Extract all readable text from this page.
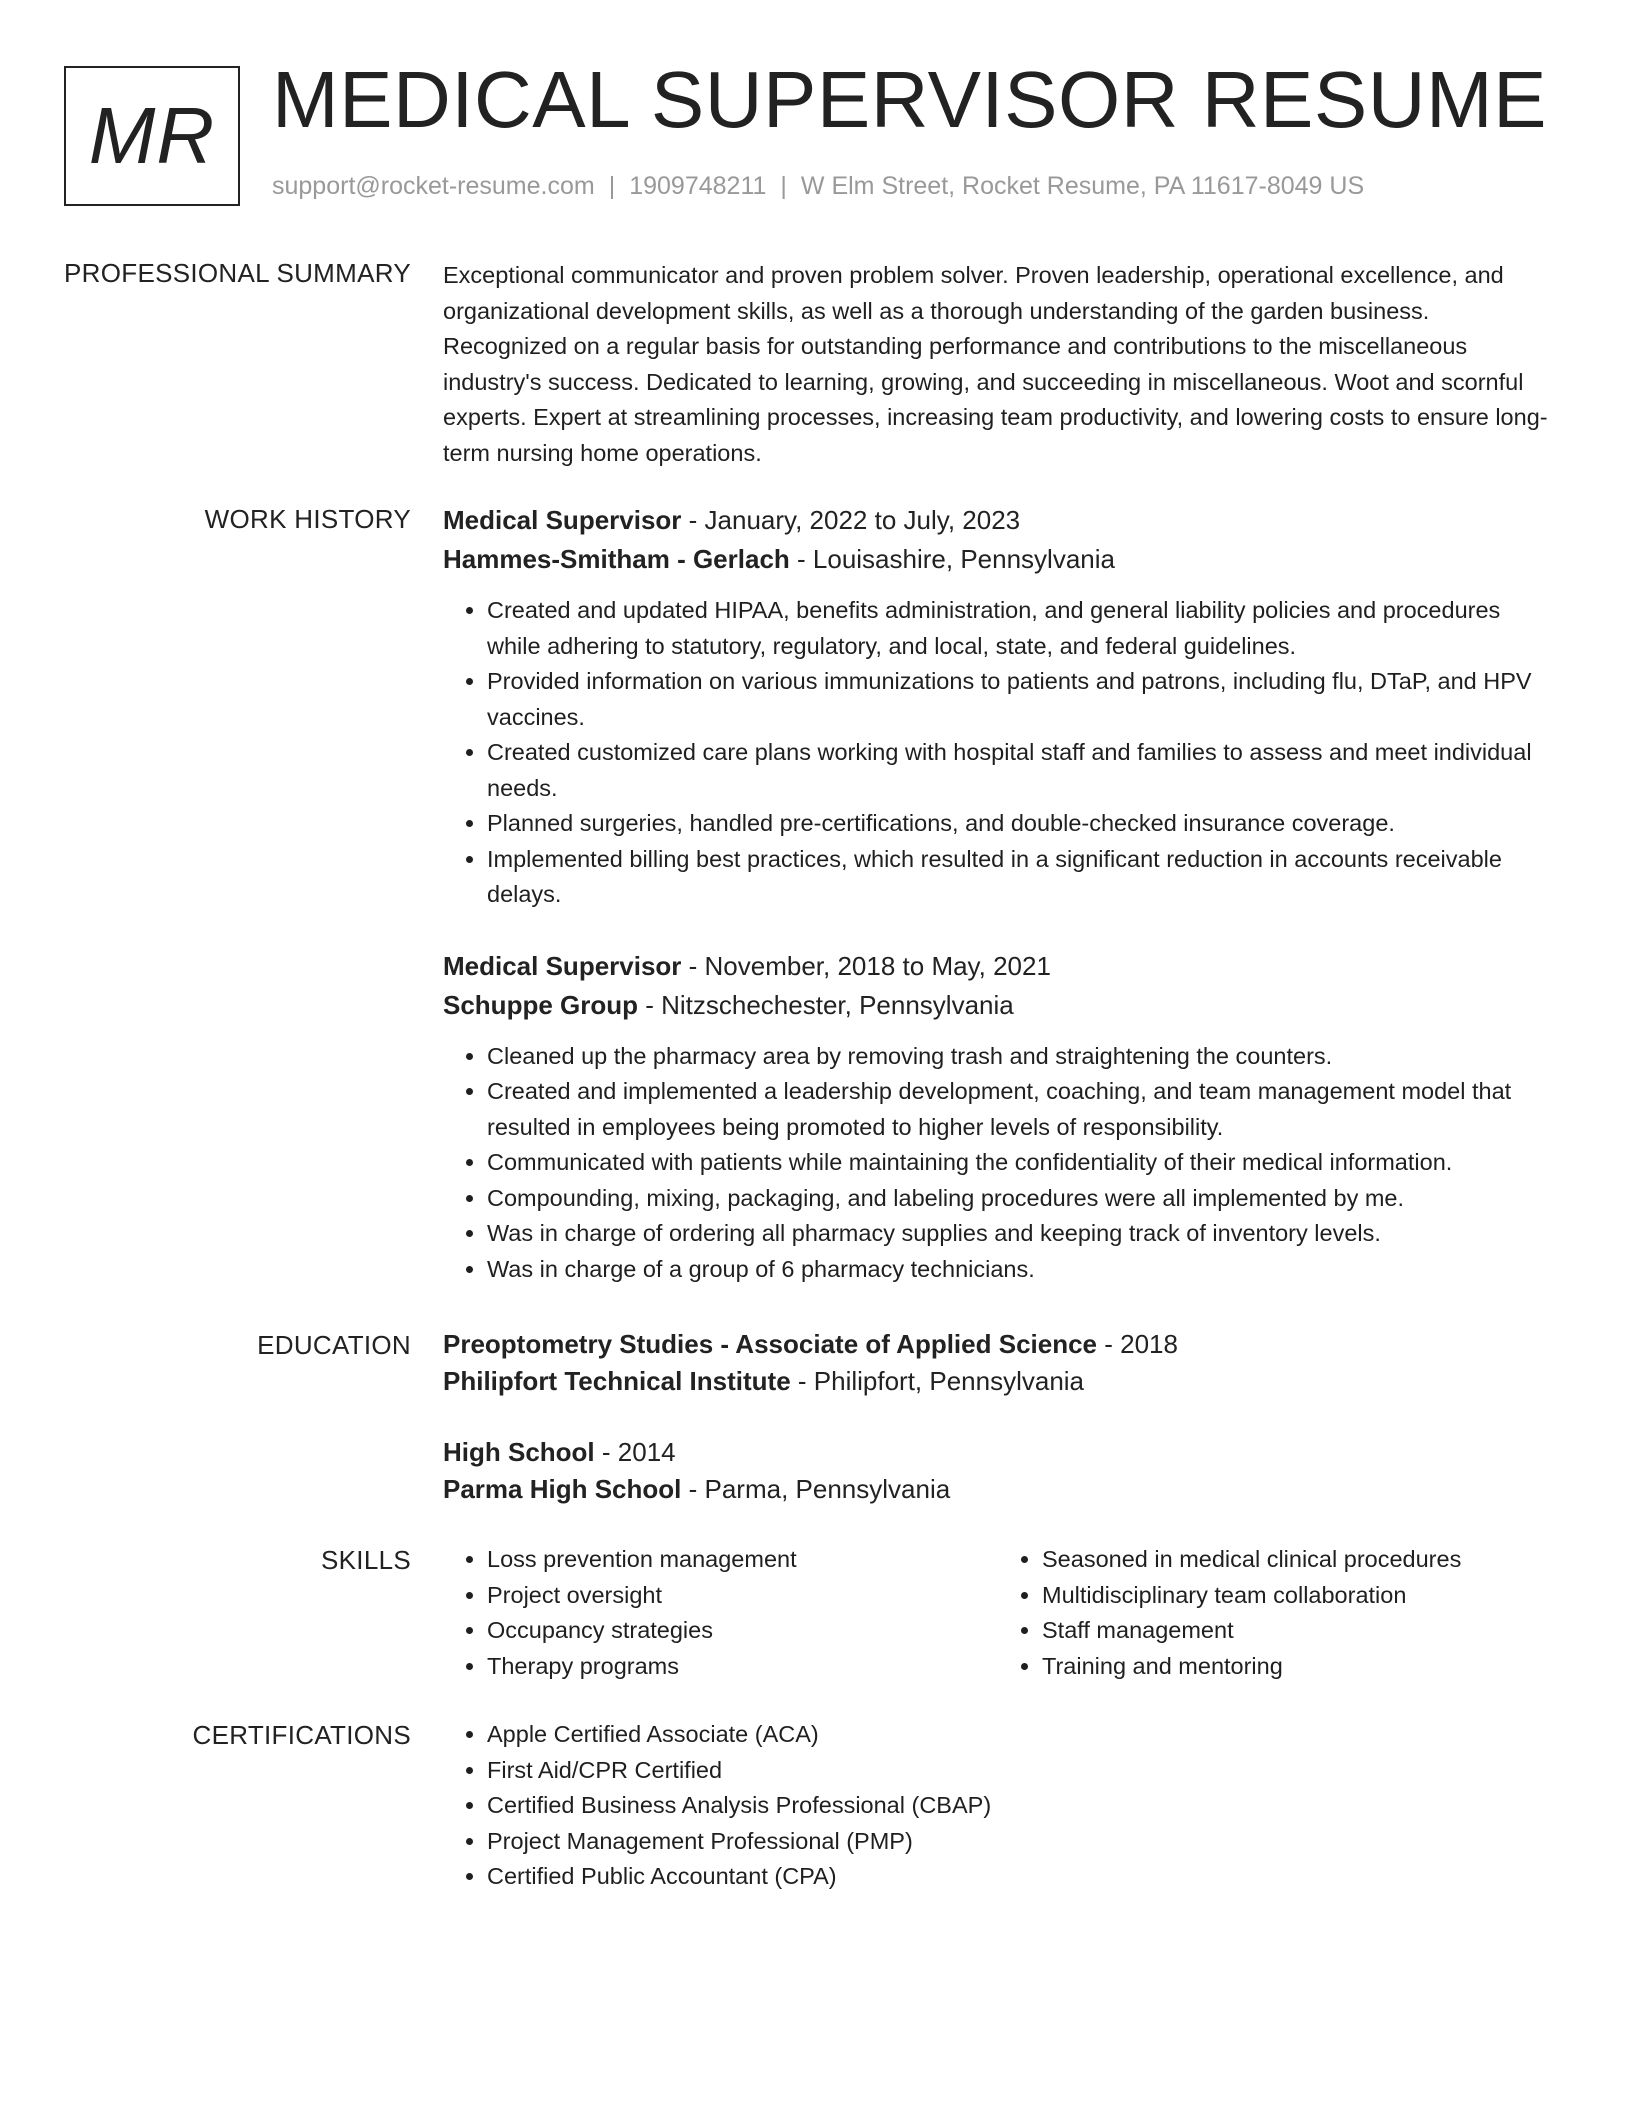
MR MEDICAL SUPERVISOR RESUME
support@rocket-resume.com | 1909748211 | W Elm Street, Rocket Resume, PA 11617-8049 US
PROFESSIONAL SUMMARY Exceptional communicator and proven problem solver. Proven leadership, operational excellence, and organizational development skills, as well as a thorough understanding of the garden business. Recognized on a regular basis for outstanding performance and contributions to the miscellaneous industry's success. Dedicated to learning, growing, and succeeding in miscellaneous. Woot and scornful experts. Expert at streamlining processes, increasing team productivity, and lowering costs to ensure long-term nursing home operations.

WORK HISTORY Medical Supervisor - January, 2022 to July, 2023
Hammes-Smitham - Gerlach - Louisashire, Pennsylvania
• Created and updated HIPAA, benefits administration, and general liability policies and procedures while adhering to statutory, regulatory, and local, state, and federal guidelines.
• Provided information on various immunizations to patients and patrons, including flu, DTaP, and HPV vaccines.
• Created customized care plans working with hospital staff and families to assess and meet individual needs.
• Planned surgeries, handled pre-certifications, and double-checked insurance coverage.
• Implemented billing best practices, which resulted in a significant reduction in accounts receivable delays.
Medical Supervisor - November, 2018 to May, 2021
Schuppe Group - Nitzschechester, Pennsylvania
• Cleaned up the pharmacy area by removing trash and straightening the counters.
• Created and implemented a leadership development, coaching, and team management model that resulted in employees being promoted to higher levels of responsibility.
• Communicated with patients while maintaining the confidentiality of their medical information.
• Compounding, mixing, packaging, and labeling procedures were all implemented by me.
• Was in charge of ordering all pharmacy supplies and keeping track of inventory levels.
• Was in charge of a group of 6 pharmacy technicians.
EDUCATION Preoptometry Studies - Associate of Applied Science - 2018
Philipfort Technical Institute - Philipfort, Pennsylvania
High School - 2014
Parma High School - Parma, Pennsylvania
SKILLS	• Loss prevention management
• Project oversight
• Occupancy strategies
• Therapy programs
• Seasoned in medical clinical procedures
• Multidisciplinary team collaboration
• Staff management
• Training and mentoring
CERTIFICATIONS	• Apple Certified Associate (ACA)
• First Aid/CPR Certified
• Certified Business Analysis Professional (CBAP)
• Project Management Professional (PMP)
• Certified Public Accountant (CPA)
